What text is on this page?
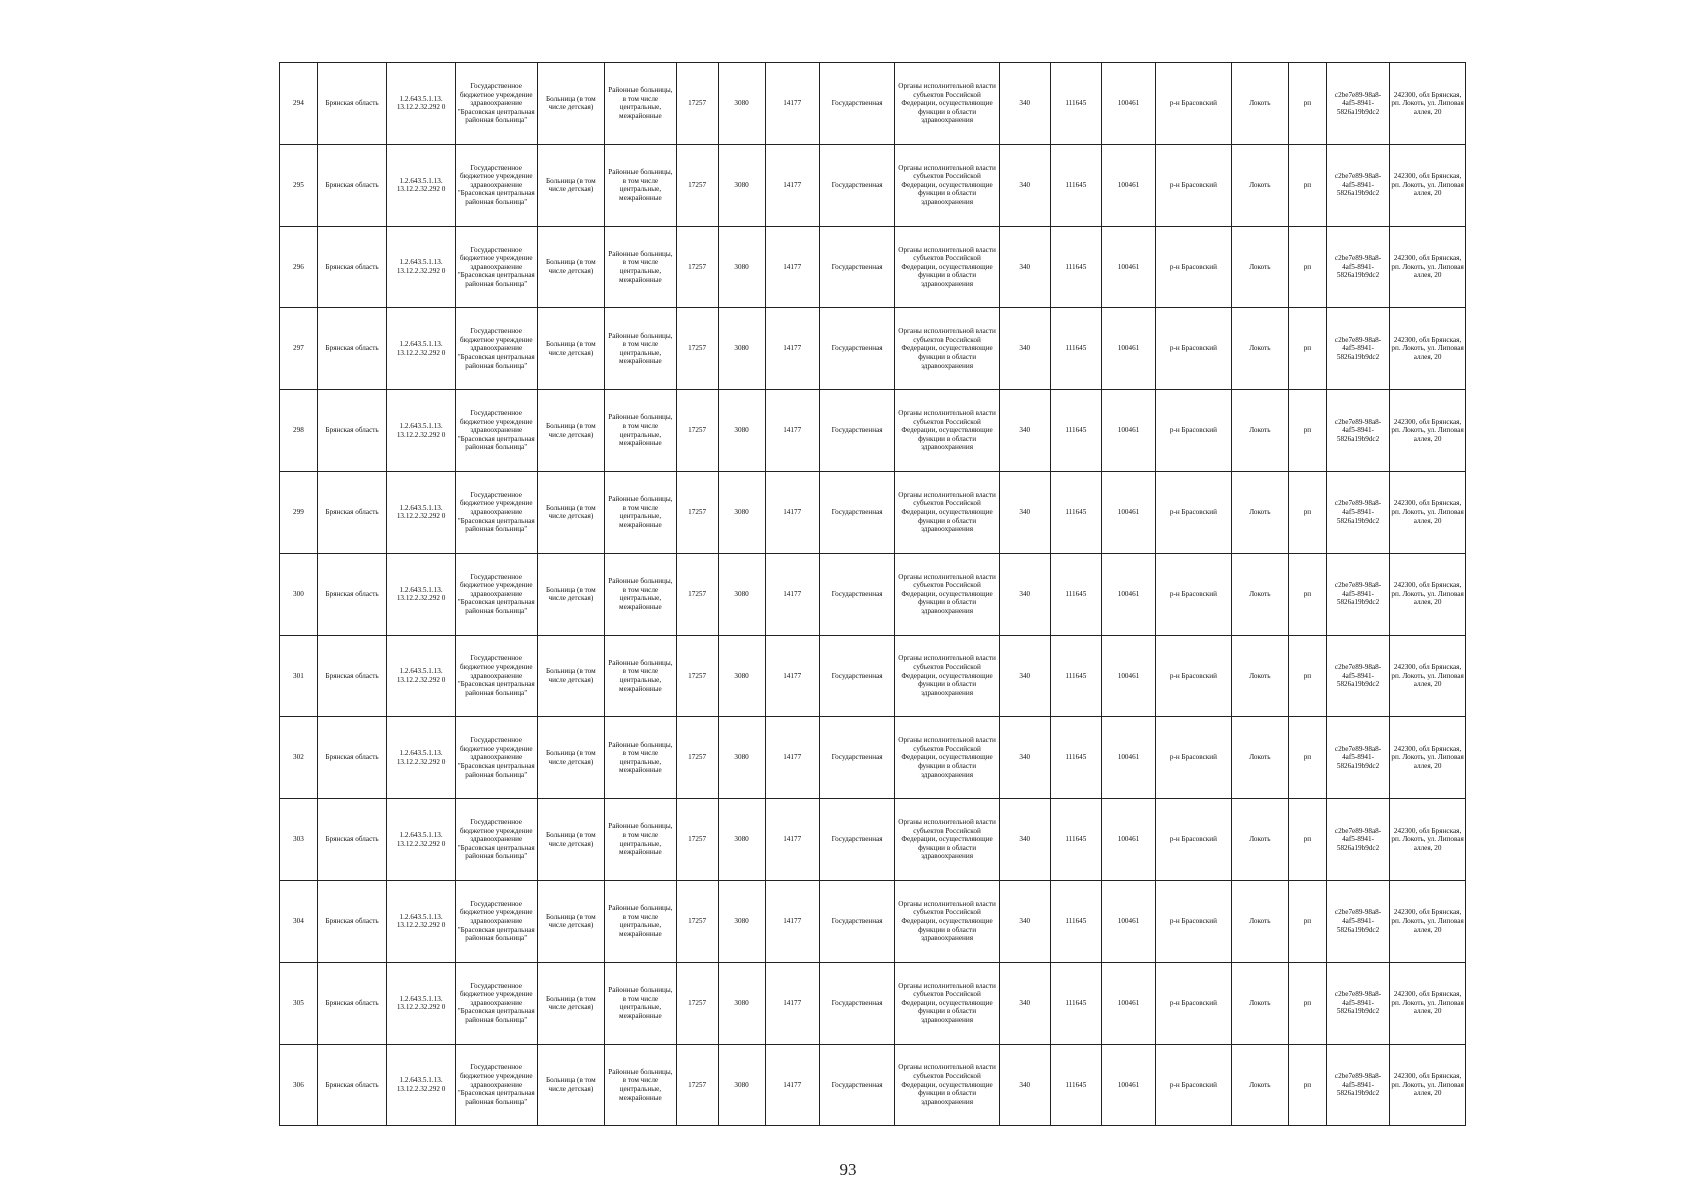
294	Брянская область	1.2.643.5.1.13. 13.12.2.32.292 0	Государственное бюджетное учреждение здравоохранение "Брасовская центральная районная больница"	Больница (в том числе детская)	Районные больницы, в том числе центральные, межрайонные	17257	3080	14177	Государственная	Органы исполнительной власти субъектов Российской Федерации, осуществляющие функции в области здравоохранения	340	111645	100461	р-н Брасовский	Локоть	рп	c2be7e89-98a8-4af5-8941-5826a19b9dc2	242300, обл Брянская, рп. Локоть, ул. Липовая аллея, 20
295	Брянская область	1.2.643.5.1.13. 13.12.2.32.292 0	Государственное бюджетное учреждение здравоохранение "Брасовская центральная районная больница"	Больница (в том числе детская)	Районные больницы, в том числе центральные, межрайонные	17257	3080	14177	Государственная	Органы исполнительной власти субъектов Российской Федерации, осуществляющие функции в области здравоохранения	340	111645	100461	р-н Брасовский	Локоть	рп	c2be7e89-98a8-4af5-8941-5826a19b9dc2	242300, обл Брянская, рп. Локоть, ул. Липовая аллея, 20
296	Брянская область	1.2.643.5.1.13. 13.12.2.32.292 0	Государственное бюджетное учреждение здравоохранение "Брасовская центральная районная больница"	Больница (в том числе детская)	Районные больницы, в том числе центральные, межрайонные	17257	3080	14177	Государственная	Органы исполнительной власти субъектов Российской Федерации, осуществляющие функции в области здравоохранения	340	111645	100461	р-н Брасовский	Локоть	рп	c2be7e89-98a8-4af5-8941-5826a19b9dc2	242300, обл Брянская, рп. Локоть, ул. Липовая аллея, 20
297	Брянская область	1.2.643.5.1.13. 13.12.2.32.292 0	Государственное бюджетное учреждение здравоохранение "Брасовская центральная районная больница"	Больница (в том числе детская)	Районные больницы, в том числе центральные, межрайонные	17257	3080	14177	Государственная	Органы исполнительной власти субъектов Российской Федерации, осуществляющие функции в области здравоохранения	340	111645	100461	р-н Брасовский	Локоть	рп	c2be7e89-98a8-4af5-8941-5826a19b9dc2	242300, обл Брянская, рп. Локоть, ул. Липовая аллея, 20
298	Брянская область	1.2.643.5.1.13. 13.12.2.32.292 0	Государственное бюджетное учреждение здравоохранение "Брасовская центральная районная больница"	Больница (в том числе детская)	Районные больницы, в том числе центральные, межрайонные	17257	3080	14177	Государственная	Органы исполнительной власти субъектов Российской Федерации, осуществляющие функции в области здравоохранения	340	111645	100461	р-н Брасовский	Локоть	рп	c2be7e89-98a8-4af5-8941-5826a19b9dc2	242300, обл Брянская, рп. Локоть, ул. Липовая аллея, 20
299	Брянская область	1.2.643.5.1.13. 13.12.2.32.292 0	Государственное бюджетное учреждение здравоохранение "Брасовская центральная районная больница"	Больница (в том числе детская)	Районные больницы, в том числе центральные, межрайонные	17257	3080	14177	Государственная	Органы исполнительной власти субъектов Российской Федерации, осуществляющие функции в области здравоохранения	340	111645	100461	р-н Брасовский	Локоть	рп	c2be7e89-98a8-4af5-8941-5826a19b9dc2	242300, обл Брянская, рп. Локоть, ул. Липовая аллея, 20
300	Брянская область	1.2.643.5.1.13. 13.12.2.32.292 0	Государственное бюджетное учреждение здравоохранение "Брасовская центральная районная больница"	Больница (в том числе детская)	Районные больницы, в том числе центральные, межрайонные	17257	3080	14177	Государственная	Органы исполнительной власти субъектов Российской Федерации, осуществляющие функции в области здравоохранения	340	111645	100461	р-н Брасовский	Локоть	рп	c2be7e89-98a8-4af5-8941-5826a19b9dc2	242300, обл Брянская, рп. Локоть, ул. Липовая аллея, 20
301	Брянская область	1.2.643.5.1.13. 13.12.2.32.292 0	Государственное бюджетное учреждение здравоохранение "Брасовская центральная районная больница"	Больница (в том числе детская)	Районные больницы, в том числе центральные, межрайонные	17257	3080	14177	Государственная	Органы исполнительной власти субъектов Российской Федерации, осуществляющие функции в области здравоохранения	340	111645	100461	р-н Брасовский	Локоть	рп	c2be7e89-98a8-4af5-8941-5826a19b9dc2	242300, обл Брянская, рп. Локоть, ул. Липовая аллея, 20
302	Брянская область	1.2.643.5.1.13. 13.12.2.32.292 0	Государственное бюджетное учреждение здравоохранение "Брасовская центральная районная больница"	Больница (в том числе детская)	Районные больницы, в том числе центральные, межрайонные	17257	3080	14177	Государственная	Органы исполнительной власти субъектов Российской Федерации, осуществляющие функции в области здравоохранения	340	111645	100461	р-н Брасовский	Локоть	рп	c2be7e89-98a8-4af5-8941-5826a19b9dc2	242300, обл Брянская, рп. Локоть, ул. Липовая аллея, 20
303	Брянская область	1.2.643.5.1.13. 13.12.2.32.292 0	Государственное бюджетное учреждение здравоохранение "Брасовская центральная районная больница"	Больница (в том числе детская)	Районные больницы, в том числе центральные, межрайонные	17257	3080	14177	Государственная	Органы исполнительной власти субъектов Российской Федерации, осуществляющие функции в области здравоохранения	340	111645	100461	р-н Брасовский	Локоть	рп	c2be7e89-98a8-4af5-8941-5826a19b9dc2	242300, обл Брянская, рп. Локоть, ул. Липовая аллея, 20
304	Брянская область	1.2.643.5.1.13. 13.12.2.32.292 0	Государственное бюджетное учреждение здравоохранение "Брасовская центральная районная больница"	Больница (в том числе детская)	Районные больницы, в том числе центральные, межрайонные	17257	3080	14177	Государственная	Органы исполнительной власти субъектов Российской Федерации, осуществляющие функции в области здравоохранения	340	111645	100461	р-н Брасовский	Локоть	рп	c2be7e89-98a8-4af5-8941-5826a19b9dc2	242300, обл Брянская, рп. Локоть, ул. Липовая аллея, 20
305	Брянская область	1.2.643.5.1.13. 13.12.2.32.292 0	Государственное бюджетное учреждение здравоохранение "Брасовская центральная районная больница"	Больница (в том числе детская)	Районные больницы, в том числе центральные, межрайонные	17257	3080	14177	Государственная	Органы исполнительной власти субъектов Российской Федерации, осуществляющие функции в области здравоохранения	340	111645	100461	р-н Брасовский	Локоть	рп	c2be7e89-98a8-4af5-8941-5826a19b9dc2	242300, обл Брянская, рп. Локоть, ул. Липовая аллея, 20
306	Брянская область	1.2.643.5.1.13. 13.12.2.32.292 0	Государственное бюджетное учреждение здравоохранение "Брасовская центральная районная больница"	Больница (в том числе детская)	Районные больницы, в том числе центральные, межрайонные	17257	3080	14177	Государственная	Органы исполнительной власти субъектов Российской Федерации, осуществляющие функции в области здравоохранения	340	111645	100461	р-н Брасовский	Локоть	рп	c2be7e89-98a8-4af5-8941-5826a19b9dc2	242300, обл Брянская, рп. Локоть, ул. Липовая аллея, 20
93
